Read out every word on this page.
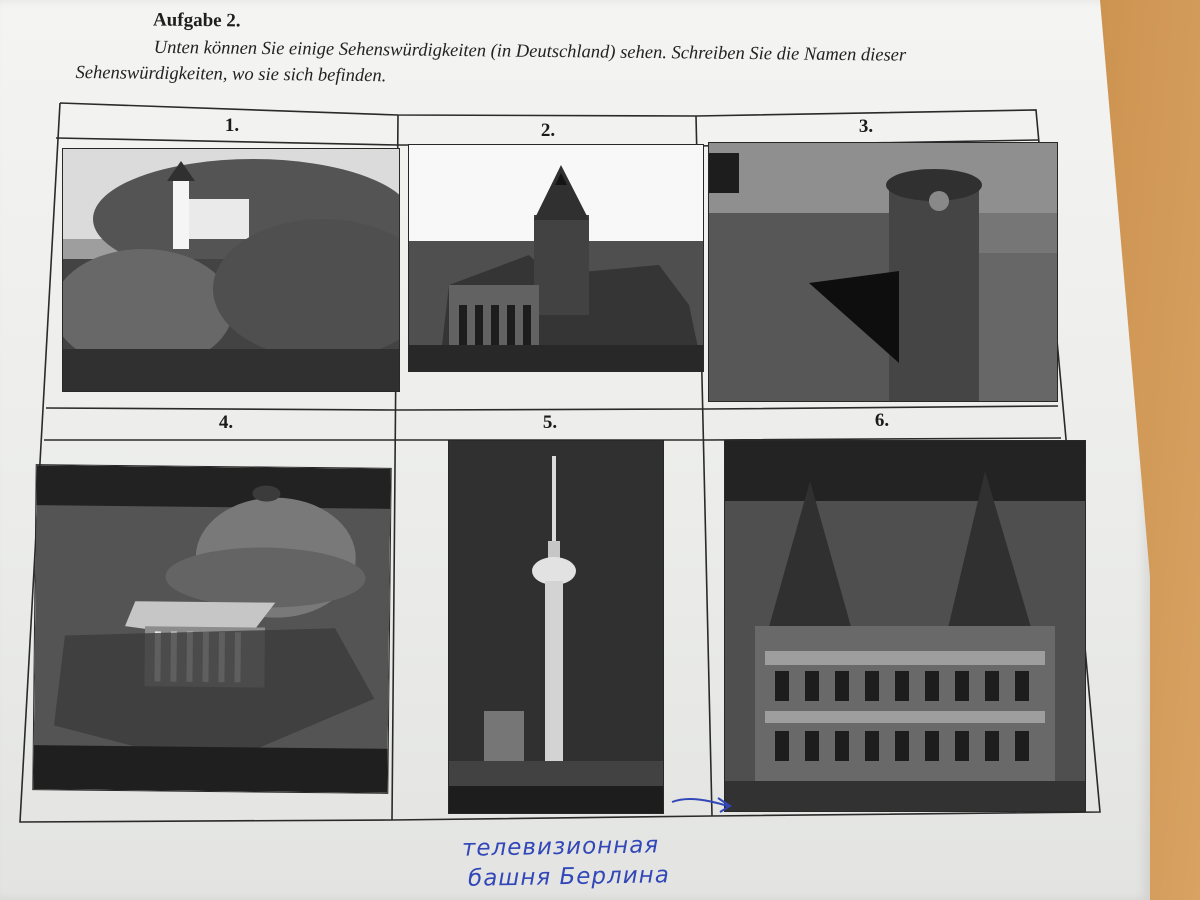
Aufgabe 2.
Unten können Sie einige Sehenswürdigkeiten (in Deutschland) sehen. Schreiben Sie die Namen dieser Sehenswürdigkeiten, wo sie sich befinden.
1.	2.	3.
4.	5.	6.
телевизионная
башня Берлина
